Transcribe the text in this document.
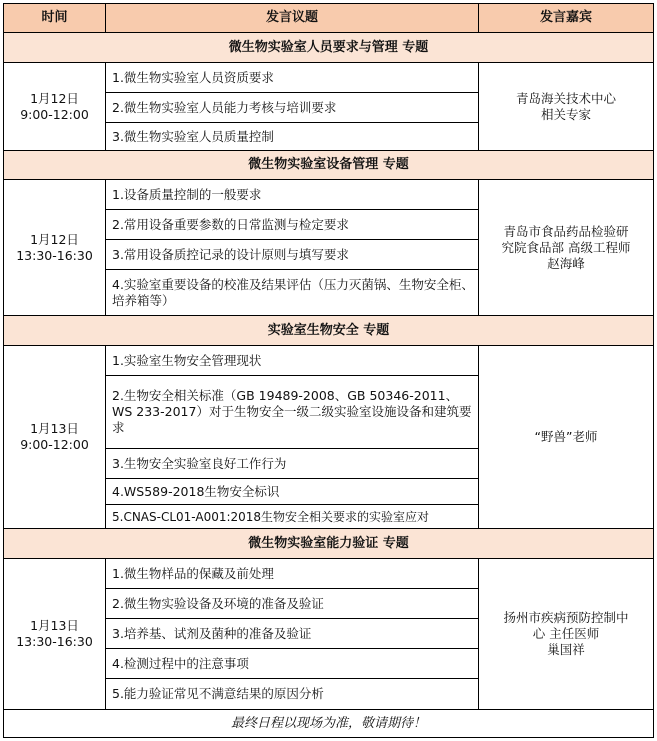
时间	发言议题	发言嘉宾
微生物实验室人员要求与管理 专题
1月12日
9:00-12:00
1.微生物实验室人员资质要求
2.微生物实验室人员能力考核与培训要求
3.微生物实验室人员质量控制
青岛海关技术中心
相关专家
微生物实验室设备管理 专题
1月12日
13:30-16:30
1.设备质量控制的一般要求
2.常用设备重要参数的日常监测与检定要求
3.常用设备质控记录的设计原则与填写要求
4.实验室重要设备的校准及结果评估（压力灭菌锅、生物安全柜、培养箱等）
青岛市食品药品检验研
究院食品部 高级工程师
赵海峰
实验室生物安全 专题
1月13日
9:00-12:00
1.实验室生物安全管理现状
2.生物安全相关标准（GB 19489-2008、GB 50346-2011、WS 233-2017）对于生物安全一级二级实验室设施设备和建筑要求
3.生物安全实验室良好工作行为
4.WS589-2018生物安全标识
5.CNAS-CL01-A001:2018生物安全相关要求的实验室应对
“野兽”老师
微生物实验室能力验证 专题
1月13日
13:30-16:30
1.微生物样品的保藏及前处理
2.微生物实验设备及环境的准备及验证
3.培养基、试剂及菌种的准备及验证
4.检测过程中的注意事项
5.能力验证常见不满意结果的原因分析
扬州市疾病预防控制中
心 主任医师
巢国祥
最终日程以现场为准，敬请期待！
